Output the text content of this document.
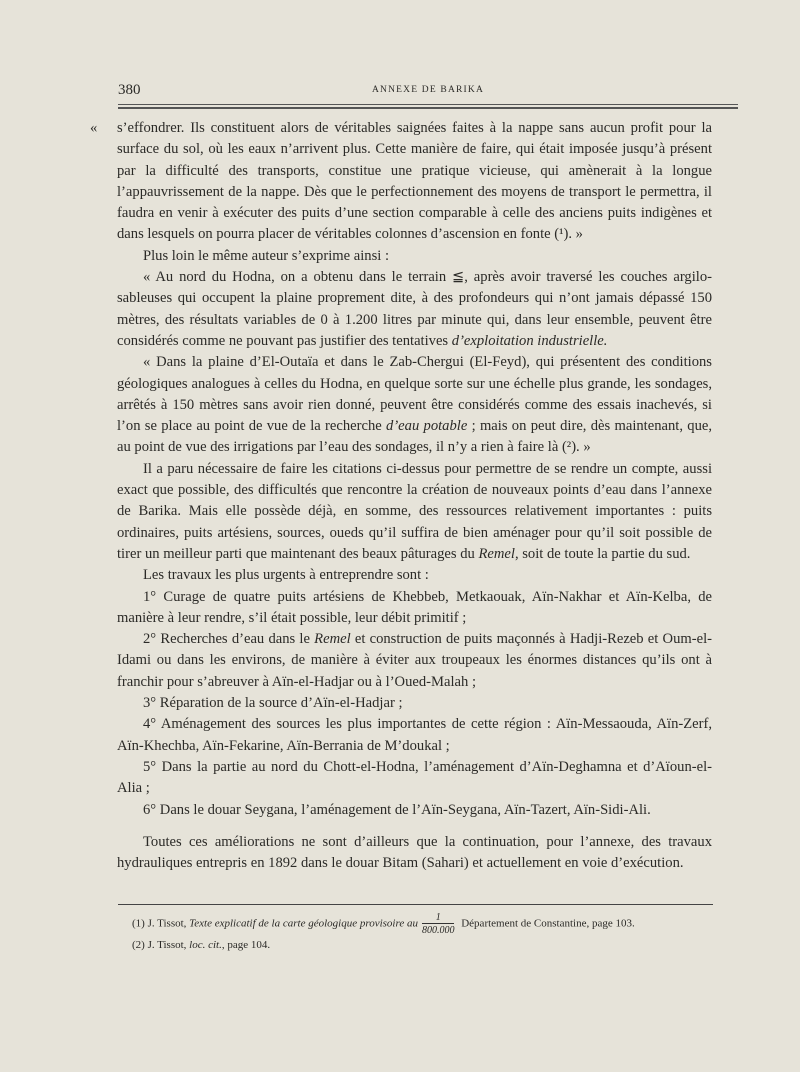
380	ANNEXE DE BARIKA

« s’effondrer. Ils constituent alors de véritables saignées faites à la nappe sans aucun profit pour la surface du sol, où les eaux n’arrivent plus. Cette manière de faire, qui était imposée jusqu’à présent par la difficulté des transports, constitue une pratique vicieuse, qui amènerait à la longue l’appauvrissement de la nappe. Dès que le perfectionnement des moyens de transport le permettra, il faudra en venir à exécuter des puits d’une section comparable à celle des anciens puits indigènes et dans lesquels on pourra placer de véritables colonnes d’ascension en fonte (¹). »

Plus loin le même auteur s’exprime ainsi :

« Au nord du Hodna, on a obtenu dans le terrain ≦, après avoir traversé les couches argilo-sableuses qui occupent la plaine proprement dite, à des profondeurs qui n’ont jamais dépassé 150 mètres, des résultats variables de 0 à 1.200 litres par minute qui, dans leur ensemble, peuvent être considérés comme ne pouvant pas justifier des tentatives d’exploitation industrielle.

« Dans la plaine d’El-Outaïa et dans le Zab-Chergui (El-Feyd), qui présentent des conditions géologiques analogues à celles du Hodna, en quelque sorte sur une échelle plus grande, les sondages, arrêtés à 150 mètres sans avoir rien donné, peuvent être considérés comme des essais inachevés, si l’on se place au point de vue de la recherche d’eau potable ; mais on peut dire, dès maintenant, que, au point de vue des irrigations par l’eau des sondages, il n’y a rien à faire là (²). »

Il a paru nécessaire de faire les citations ci-dessus pour permettre de se rendre un compte, aussi exact que possible, des difficultés que rencontre la création de nouveaux points d’eau dans l’annexe de Barika. Mais elle possède déjà, en somme, des ressources relativement importantes : puits ordinaires, puits artésiens, sources, oueds qu’il suffira de bien aménager pour qu’il soit possible de tirer un meilleur parti que maintenant des beaux pâturages du Remel, soit de toute la partie du sud.

Les travaux les plus urgents à entreprendre sont :

1° Curage de quatre puits artésiens de Khebbeb, Metkaouak, Aïn-Nakhar et Aïn-Kelba, de manière à leur rendre, s’il était possible, leur débit primitif ;

2° Recherches d’eau dans le Remel et construction de puits maçonnés à Hadji-Rezeb et Oum-el-Idami ou dans les environs, de manière à éviter aux troupeaux les énormes distances qu’ils ont à franchir pour s’abreuver à Aïn-el-Hadjar ou à l’Oued-Malah ;

3° Réparation de la source d’Aïn-el-Hadjar ;

4° Aménagement des sources les plus importantes de cette région : Aïn-Messaouda, Aïn-Zerf, Aïn-Khechba, Aïn-Fekarine, Aïn-Berrania de M’doukal ;

5° Dans la partie au nord du Chott-el-Hodna, l’aménagement d’Aïn-Deghamna et d’Aïoun-el-Alia ;

6° Dans le douar Seygana, l’aménagement de l’Aïn-Seygana, Aïn-Tazert, Aïn-Sidi-Ali.

Toutes ces améliorations ne sont d’ailleurs que la continuation, pour l’annexe, des travaux hydrauliques entrepris en 1892 dans le douar Bitam (Sahari) et actuellement en voie d’exécution.

(1) J. Tissot, Texte explicatif de la carte géologique provisoire au $\frac{1}{800.000}$ Département de Constantine, page 103.

(2) J. Tissot, loc. cit., page 104.
